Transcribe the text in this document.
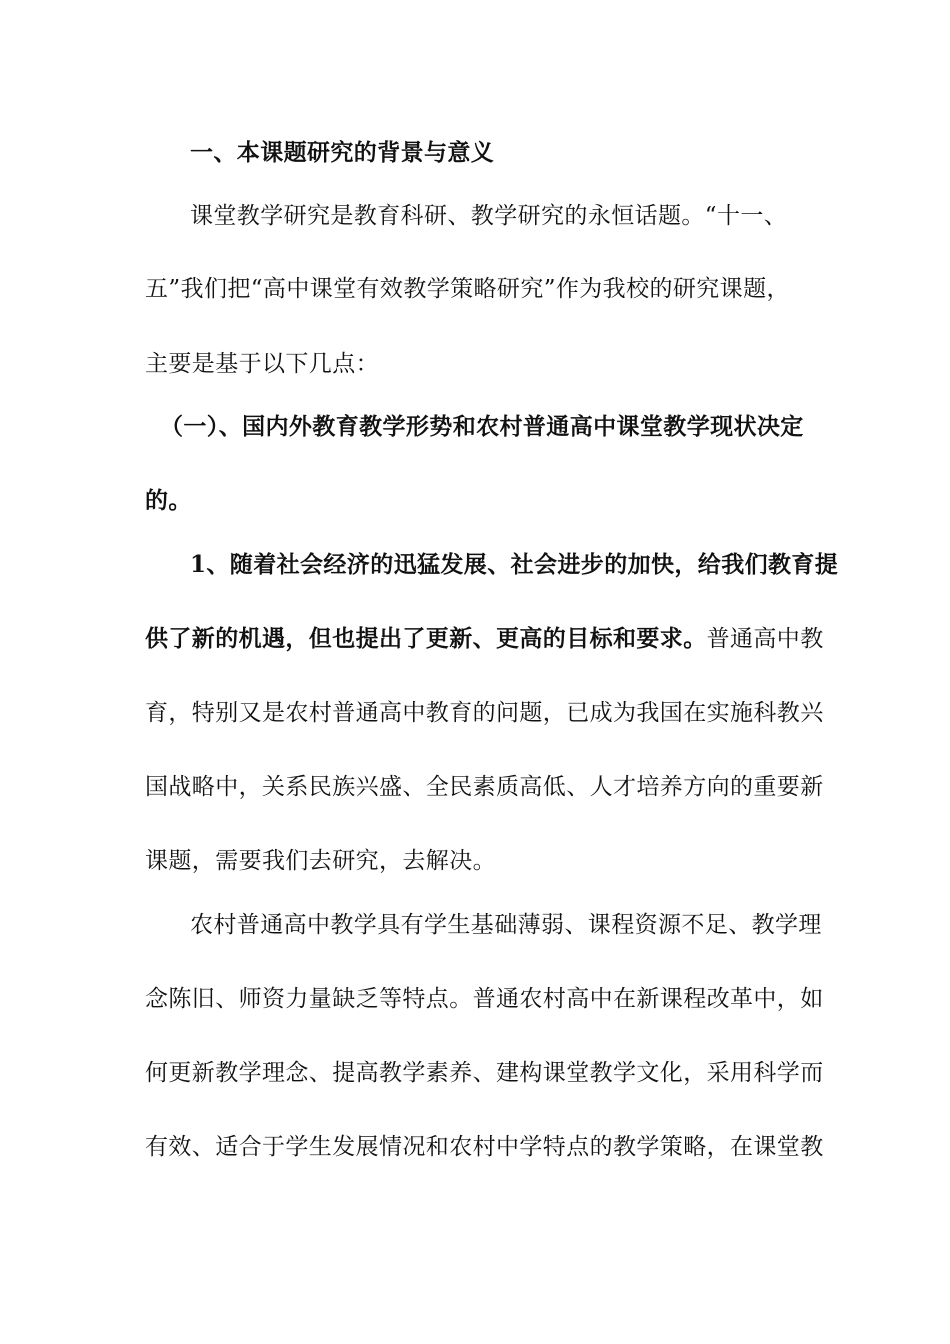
一、本课题研究的背景与意义
课堂教学研究是教育科研、教学研究的永恒话题。“十一、
五”我们把“高中课堂有效教学策略研究”作为我校的研究课题，
主要是基于以下几点：
（一）、国内外教育教学形势和农村普通高中课堂教学现状决定
的。
1、随着社会经济的迅猛发展、社会进步的加快，给我们教育提
供了新的机遇，但也提出了更新、更高的目标和要求。普通高中教
育，特别又是农村普通高中教育的问题，已成为我国在实施科教兴
国战略中，关系民族兴盛、全民素质高低、人才培养方向的重要新
课题，需要我们去研究，去解决。
农村普通高中教学具有学生基础薄弱、课程资源不足、教学理
念陈旧、师资力量缺乏等特点。普通农村高中在新课程改革中，如
何更新教学理念、提高教学素养、建构课堂教学文化，采用科学而
有效、适合于学生发展情况和农村中学特点的教学策略，在课堂教
